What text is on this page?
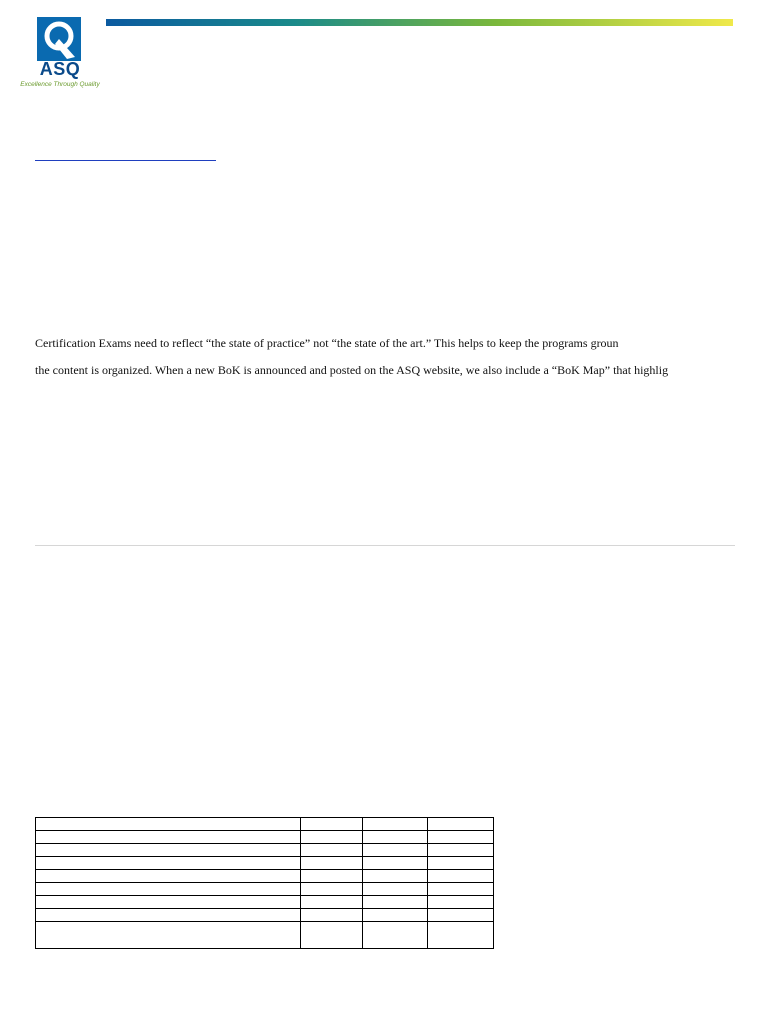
ASQ
Excellence Through Quality
Certification Exams need to reflect “the state of practice” not “the state of the art.” This helps to keep the programs groun
the content is organized. When a new BoK is announced and posted on the ASQ website, we also include a “BoK Map” that highlig
